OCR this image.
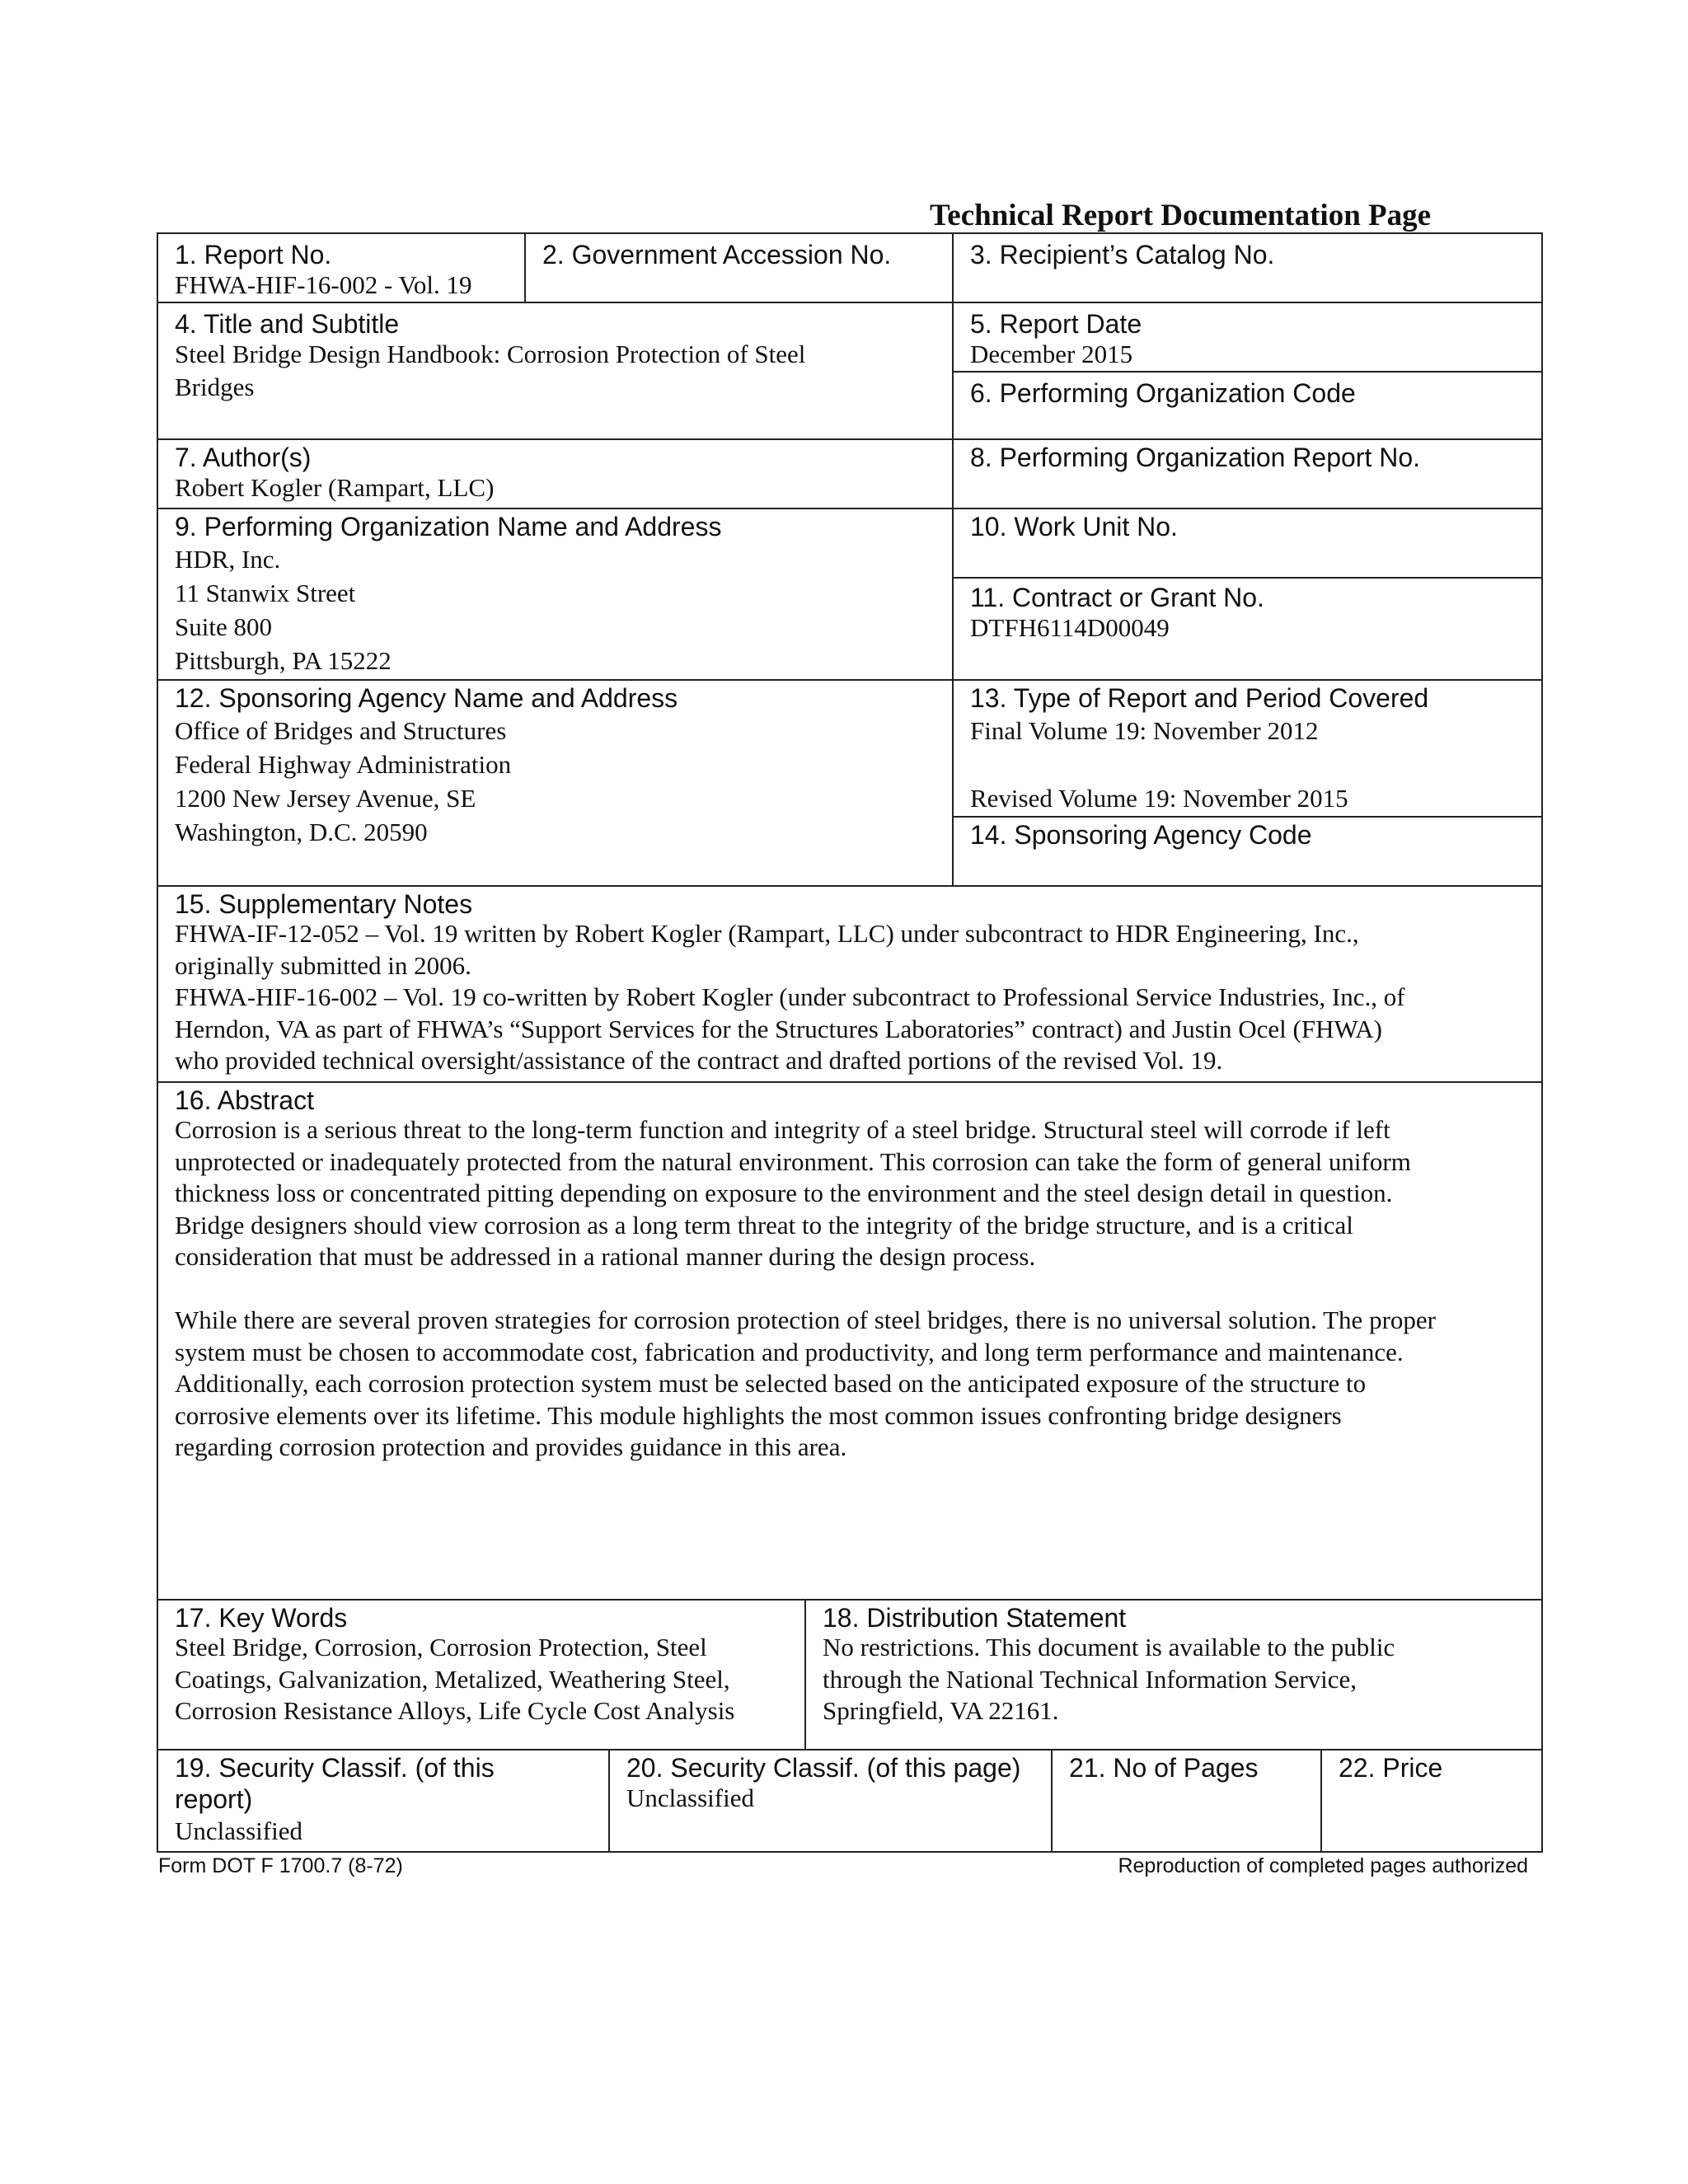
Technical Report Documentation Page
1. Report No.
FHWA-HIF-16-002 - Vol. 19
2. Government Accession No.	3. Recipient’s Catalog No.
4. Title and Subtitle
Steel Bridge Design Handbook: Corrosion Protection of Steel
Bridges
5. Report Date
December 2015
6. Performing Organization Code
7. Author(s)
Robert Kogler (Rampart, LLC)
8. Performing Organization Report No.
9. Performing Organization Name and Address
HDR, Inc.
11 Stanwix Street
Suite 800
Pittsburgh, PA 15222
10. Work Unit No.
11. Contract or Grant No.
DTFH6114D00049
12. Sponsoring Agency Name and Address
Office of Bridges and Structures
Federal Highway Administration
1200 New Jersey Avenue, SE
Washington, D.C. 20590
13. Type of Report and Period Covered
Final Volume 19: November 2012

Revised Volume 19: November 2015
14. Sponsoring Agency Code
15. Supplementary Notes
FHWA-IF-12-052 – Vol. 19 written by Robert Kogler (Rampart, LLC) under subcontract to HDR Engineering, Inc.,
originally submitted in 2006.
FHWA-HIF-16-002 – Vol. 19 co-written by Robert Kogler (under subcontract to Professional Service Industries, Inc., of
Herndon, VA as part of FHWA’s “Support Services for the Structures Laboratories” contract) and Justin Ocel (FHWA)
who provided technical oversight/assistance of the contract and drafted portions of the revised Vol. 19.
16. Abstract
Corrosion is a serious threat to the long-term function and integrity of a steel bridge. Structural steel will corrode if left
unprotected or inadequately protected from the natural environment. This corrosion can take the form of general uniform
thickness loss or concentrated pitting depending on exposure to the environment and the steel design detail in question.
Bridge designers should view corrosion as a long term threat to the integrity of the bridge structure, and is a critical
consideration that must be addressed in a rational manner during the design process.

While there are several proven strategies for corrosion protection of steel bridges, there is no universal solution. The proper
system must be chosen to accommodate cost, fabrication and productivity, and long term performance and maintenance.
Additionally, each corrosion protection system must be selected based on the anticipated exposure of the structure to
corrosive elements over its lifetime. This module highlights the most common issues confronting bridge designers
regarding corrosion protection and provides guidance in this area.
17. Key Words
Steel Bridge, Corrosion, Corrosion Protection, Steel
Coatings, Galvanization, Metalized, Weathering Steel,
Corrosion Resistance Alloys, Life Cycle Cost Analysis
18. Distribution Statement
No restrictions. This document is available to the public
through the National Technical Information Service,
Springfield, VA 22161.
19. Security Classif. (of this
report)
Unclassified
20. Security Classif. (of this page)
Unclassified
21. No of Pages	22. Price
Form DOT F 1700.7 (8-72)	Reproduction of completed pages authorized
